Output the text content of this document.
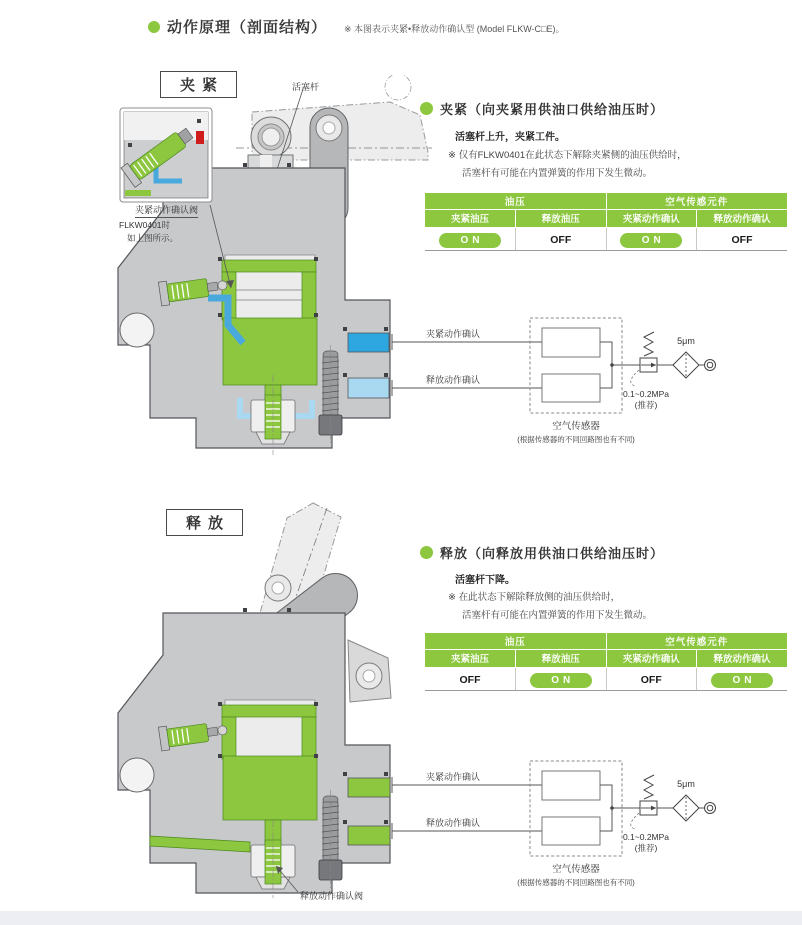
动作原理（剖面结构） ※ 本图表示夹紧•释放动作确认型 (Model FLKW-C□E)。
夹紧	活塞杆
夹紧动作确认阀
FLKW0401时
如上图所示。
夹紧（向夹紧用供油口供给油压时）
活塞杆上升，夹紧工件。
※ 仅有FLKW0401在此状态下解除夹紧侧的油压供给时，
活塞杆有可能在内置弹簧的作用下发生微动。
油压		空气传感元件	
夹紧油压	释放油压	夹紧动作确认	释放动作确认
ON	OFF	ON	OFF
夹紧动作确认
释放动作确认
5μm
0.1~0.2MPa
(推荐)
空气传感器
(根据传感器的不同回路图也有不同)
释放
释放动作确认阀
释放（向释放用供油口供给油压时）
活塞杆下降。
※ 在此状态下解除释放侧的油压供给时，
活塞杆有可能在内置弹簧的作用下发生微动。
油压		空气传感元件	
夹紧油压	释放油压	夹紧动作确认	释放动作确认
OFF	ON	OFF	ON
夹紧动作确认
释放动作确认
5μm
0.1~0.2MPa
(推荐)
空气传感器
(根据传感器的不同回路图也有不同)
